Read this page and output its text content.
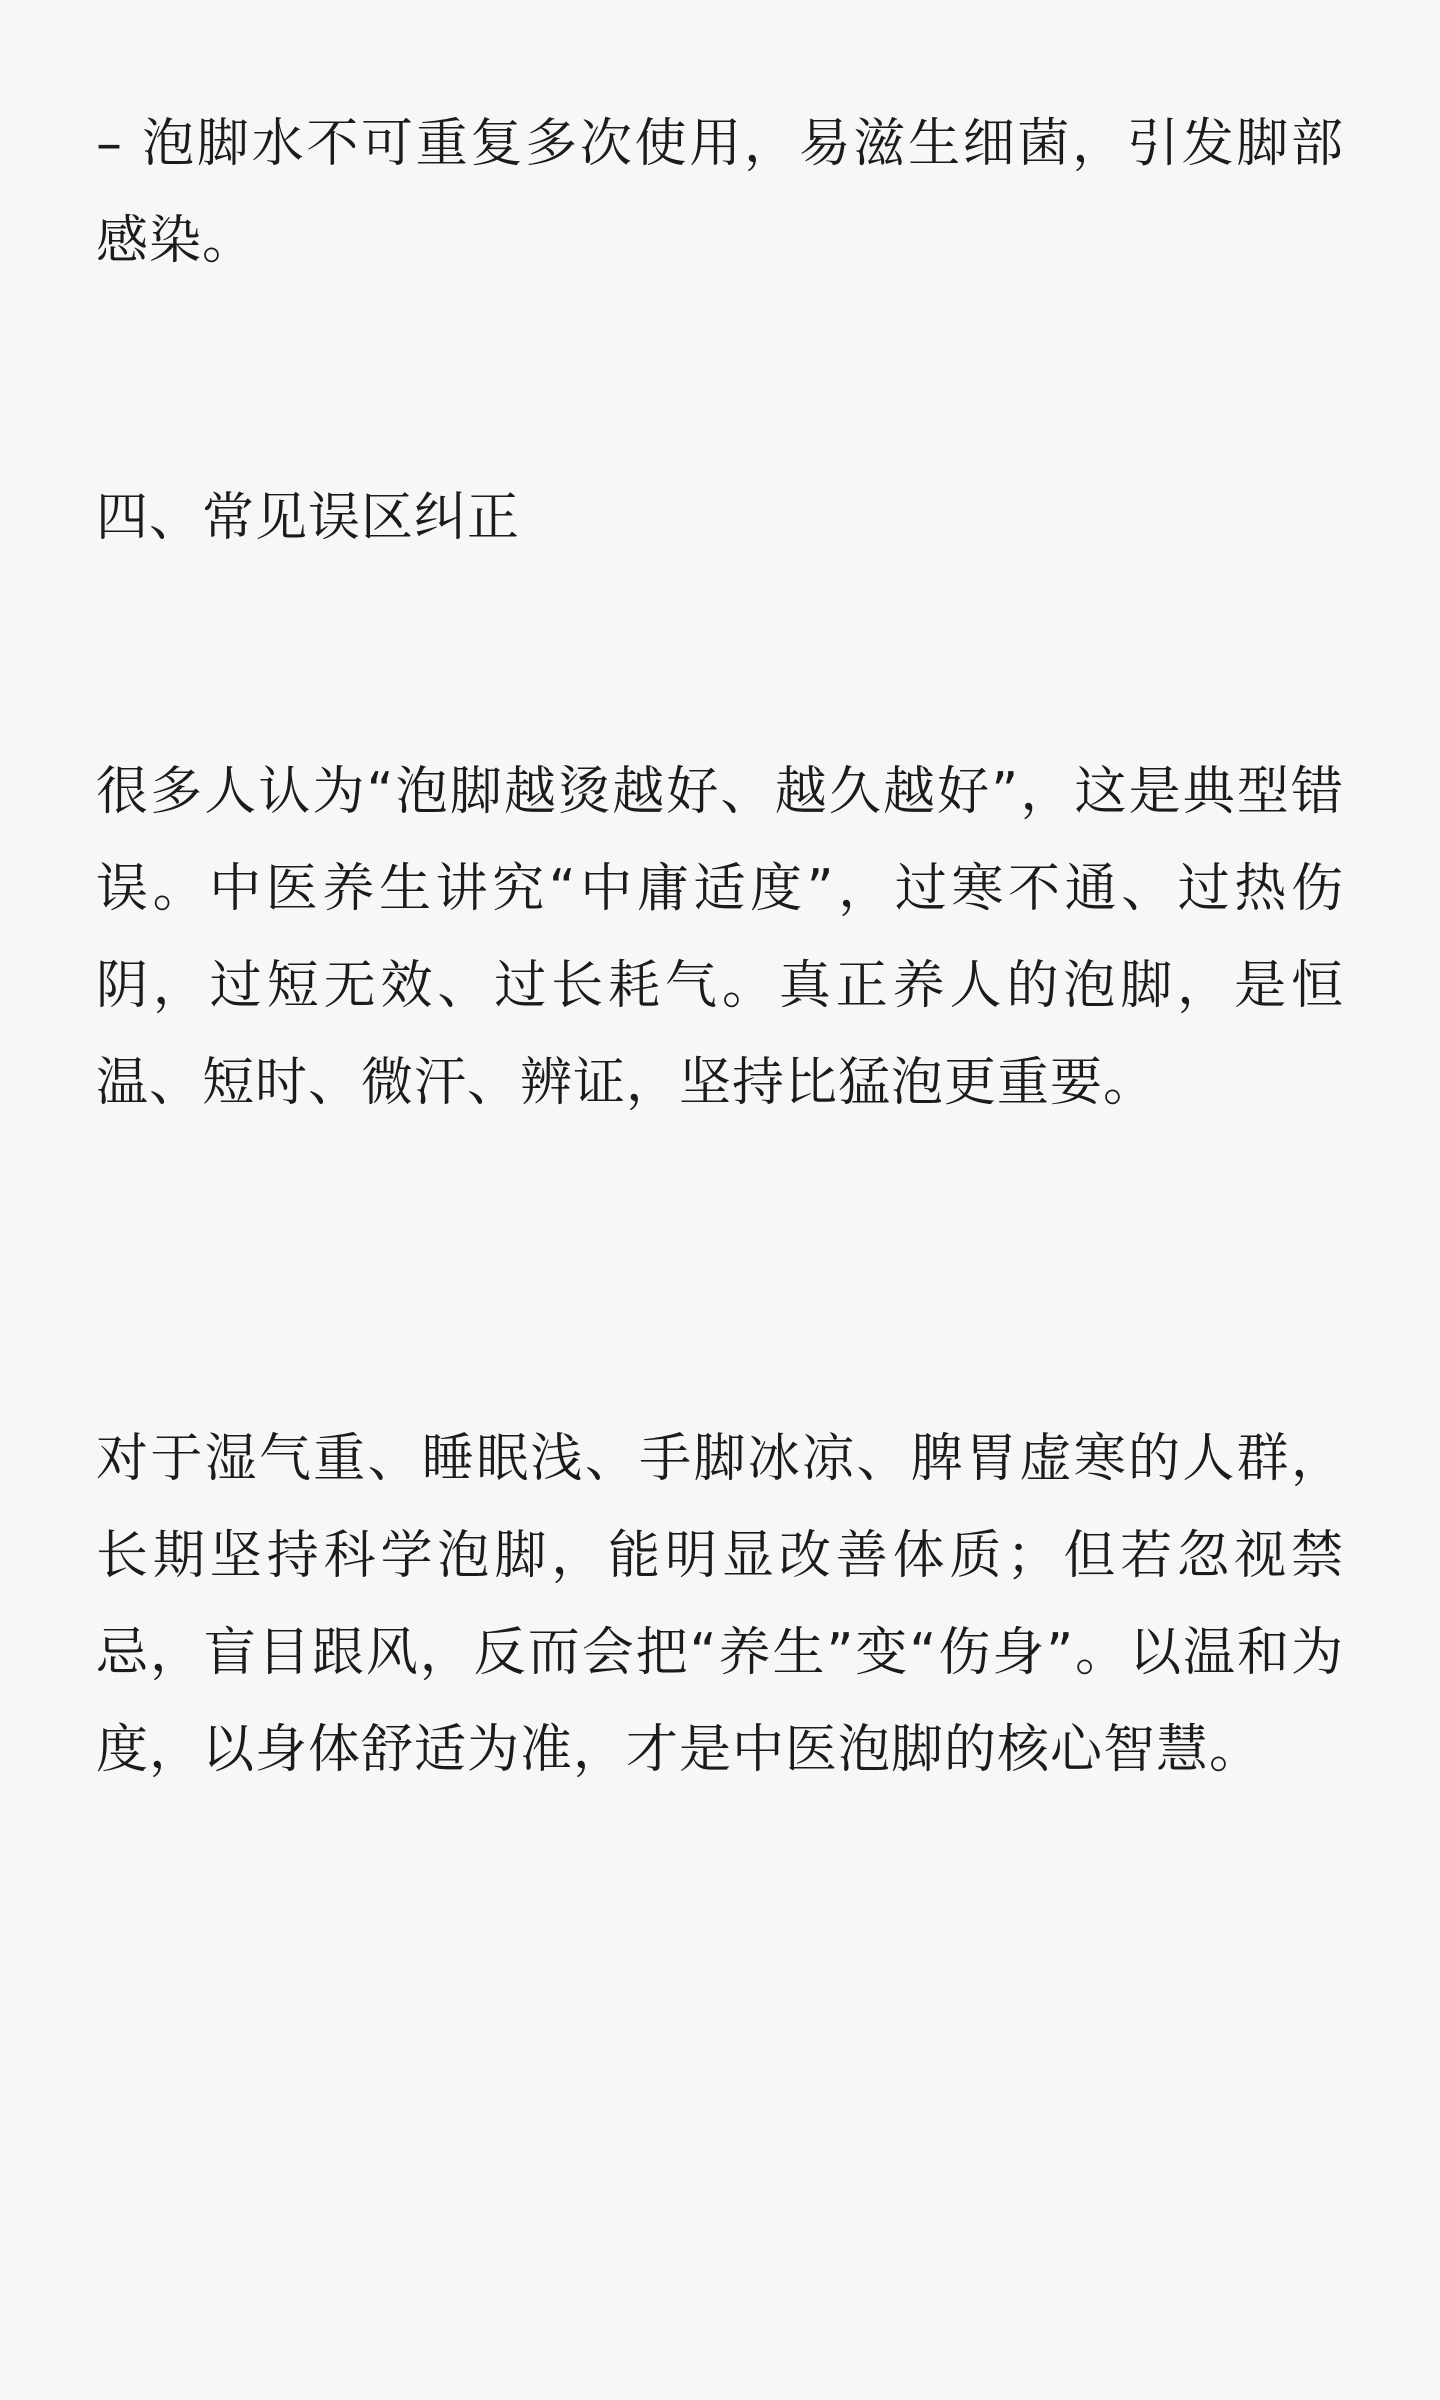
– 泡脚水不可重复多次使用，易滋生细菌，引发脚部感染。

四、常见误区纠正

很多人认为“泡脚越烫越好、越久越好”，这是典型错误。中医养生讲究“中庸适度”，过寒不通、过热伤阴，过短无效、过长耗气。真正养人的泡脚，是恒温、短时、微汗、辨证，坚持比猛泡更重要。

对于湿气重、睡眠浅、手脚冰凉、脾胃虚寒的人群，长期坚持科学泡脚，能明显改善体质；但若忽视禁忌，盲目跟风，反而会把“养生”变“伤身”。以温和为度，以身体舒适为准，才是中医泡脚的核心智慧。
